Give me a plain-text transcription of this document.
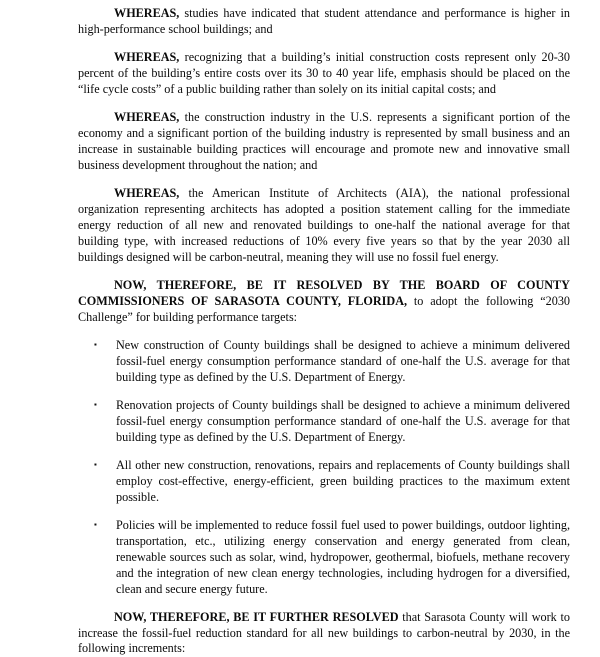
WHEREAS, studies have indicated that student attendance and performance is higher in high-performance school buildings; and

WHEREAS, recognizing that a building’s initial construction costs represent only 20-30 percent of the building’s entire costs over its 30 to 40 year life, emphasis should be placed on the “life cycle costs” of a public building rather than solely on its initial capital costs; and

WHEREAS, the construction industry in the U.S. represents a significant portion of the economy and a significant portion of the building industry is represented by small business and an increase in sustainable building practices will encourage and promote new and innovative small business development throughout the nation; and

WHEREAS, the American Institute of Architects (AIA), the national professional organization representing architects has adopted a position statement calling for the immediate energy reduction of all new and renovated buildings to one-half the national average for that building type, with increased reductions of 10% every five years so that by the year 2030 all buildings designed will be carbon-neutral, meaning they will use no fossil fuel energy.

NOW, THEREFORE, BE IT RESOLVED BY THE BOARD OF COUNTY COMMISSIONERS OF SARASOTA COUNTY, FLORIDA, to adopt the following “2030 Challenge” for building performance targets:

▪ New construction of County buildings shall be designed to achieve a minimum delivered fossil-fuel energy consumption performance standard of one-half the U.S. average for that building type as defined by the U.S. Department of Energy.
▪ Renovation projects of County buildings shall be designed to achieve a minimum delivered fossil-fuel energy consumption performance standard of one-half the U.S. average for that building type as defined by the U.S. Department of Energy.
▪ All other new construction, renovations, repairs and replacements of County buildings shall employ cost-effective, energy-efficient, green building practices to the maximum extent possible.
▪ Policies will be implemented to reduce fossil fuel used to power buildings, outdoor lighting, transportation, etc., utilizing energy conservation and energy generated from clean, renewable sources such as solar, wind, hydropower, geothermal, biofuels, methane recovery and the integration of new clean energy technologies, including hydrogen for a diversified, clean and secure energy future.

NOW, THEREFORE, BE IT FURTHER RESOLVED that Sarasota County will work to increase the fossil-fuel reduction standard for all new buildings to carbon-neutral by 2030, in the following increments:
